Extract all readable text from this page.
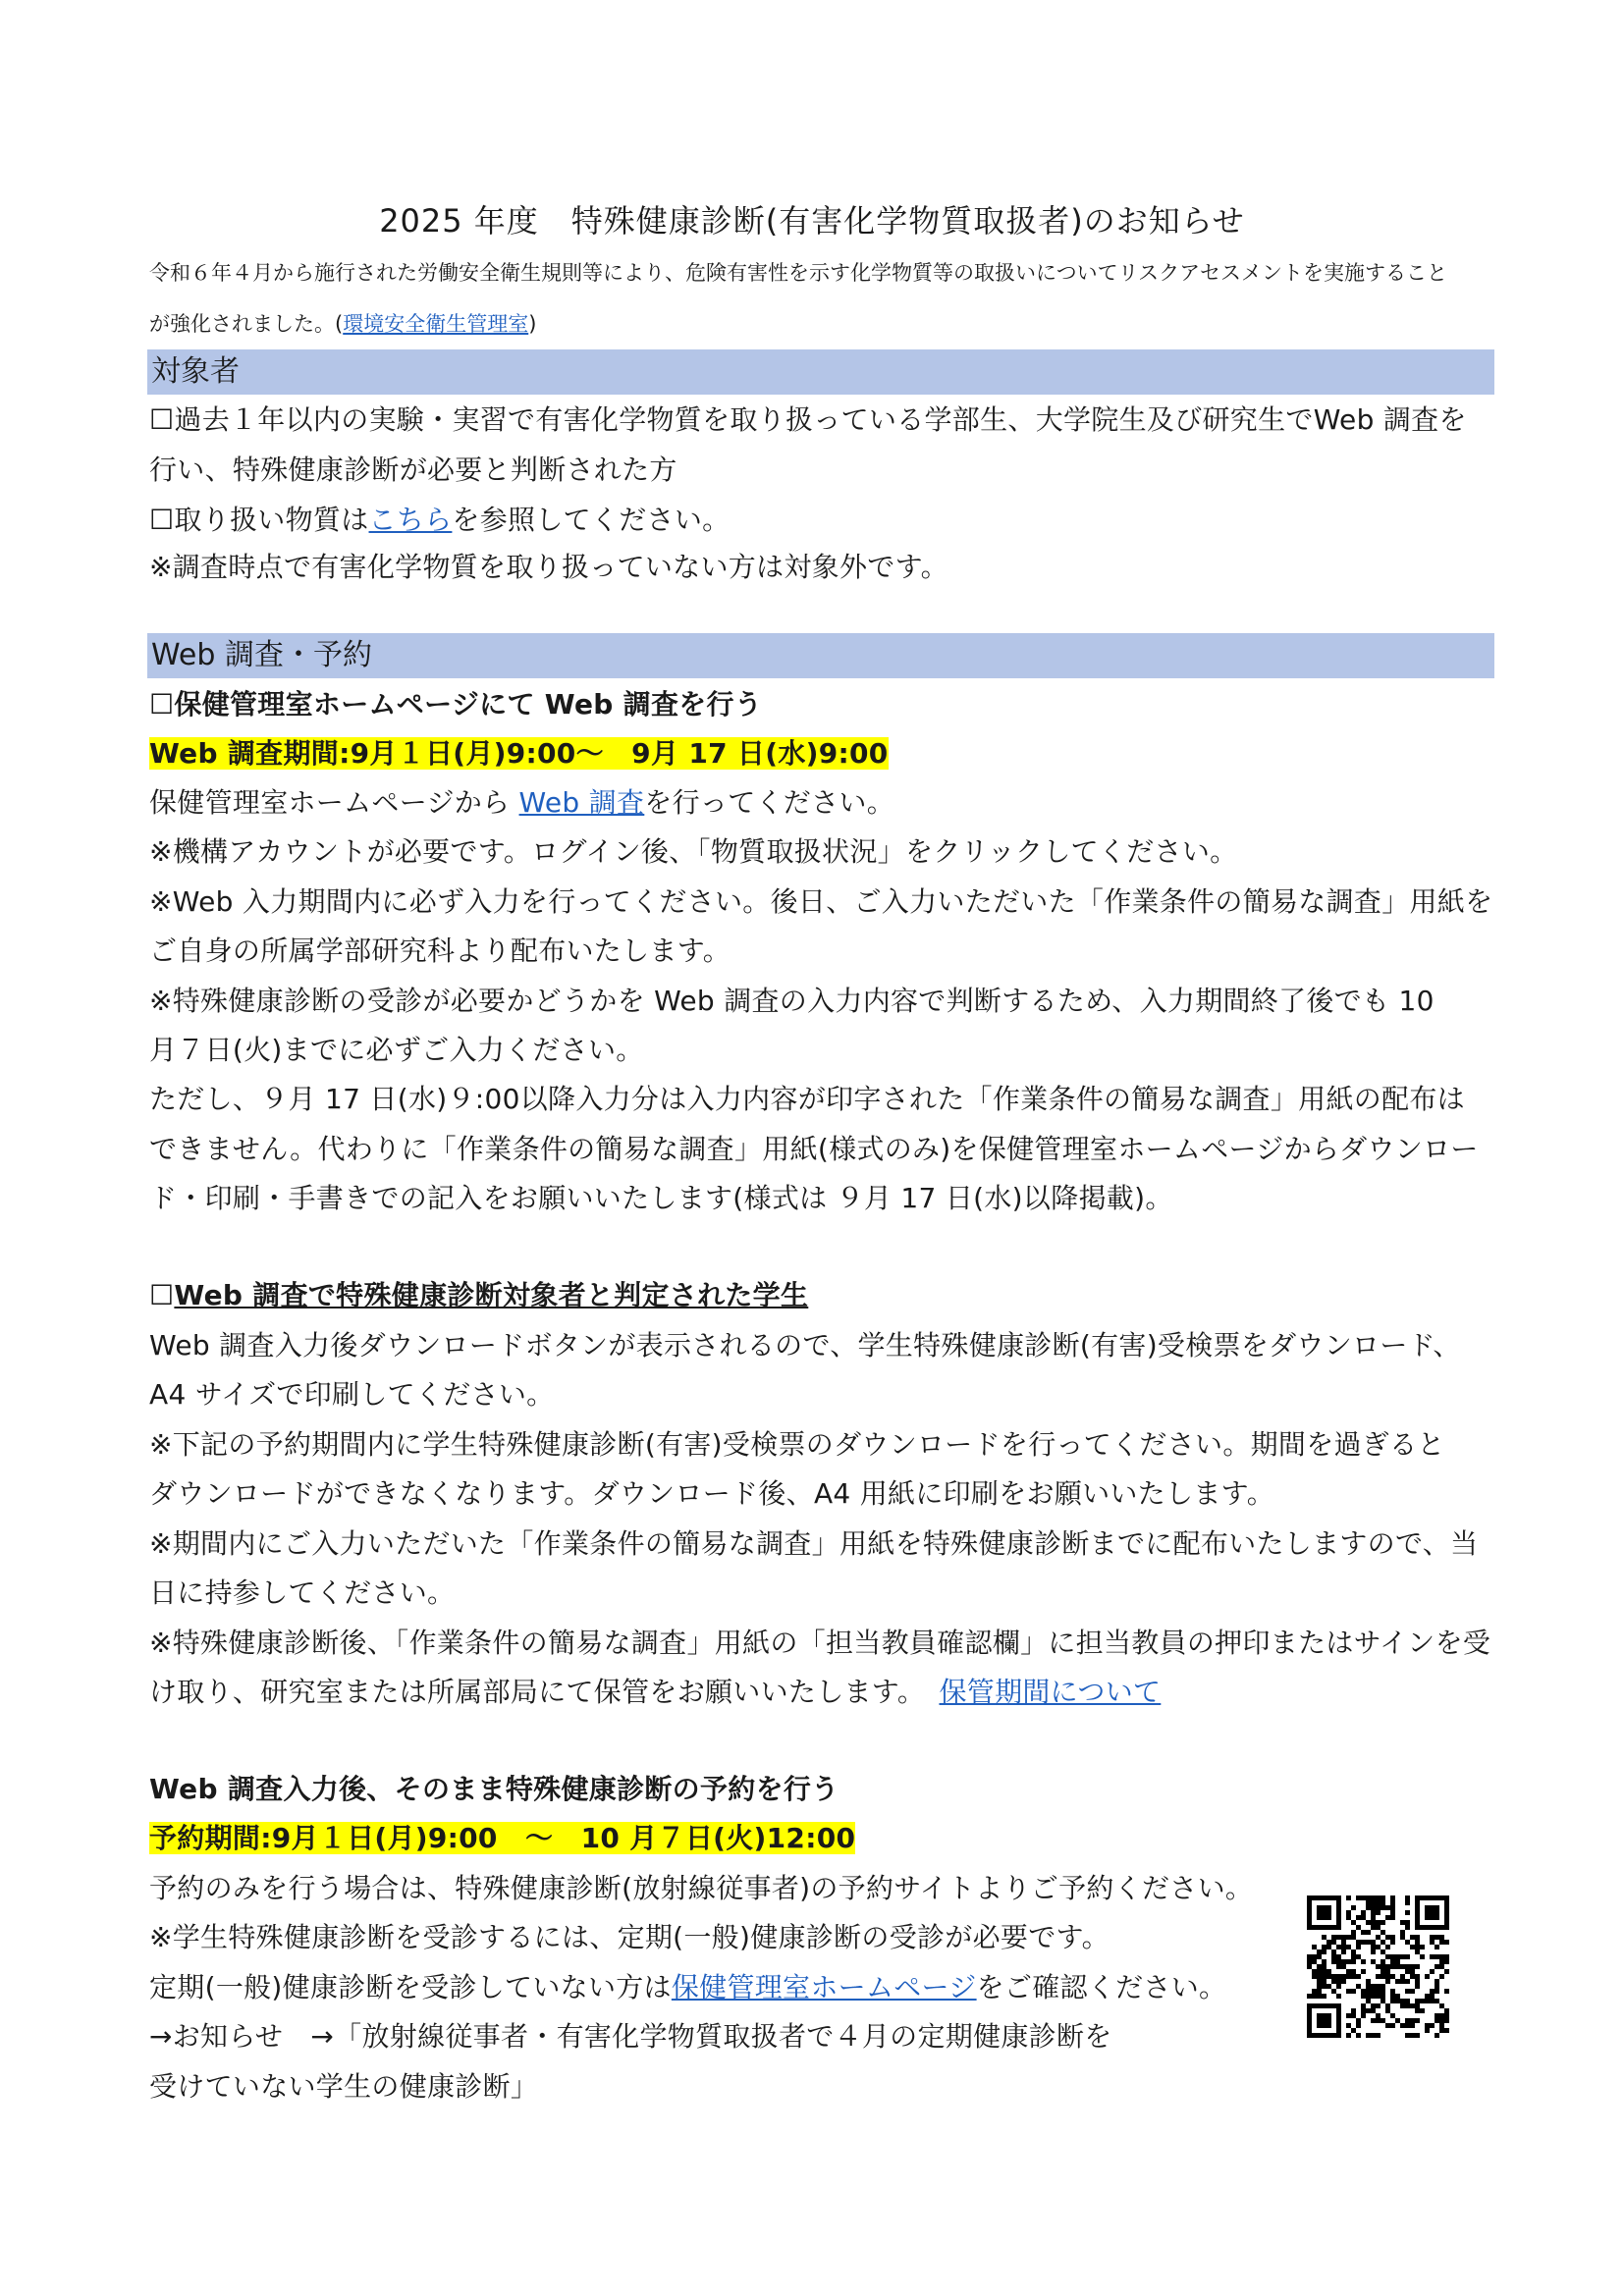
2025 年度　特殊健康診断(有害化学物質取扱者)のお知らせ
令和６年４月から施行された労働安全衛生規則等により、危険有害性を示す化学物質等の取扱いについてリスクアセスメントを実施すること
が強化されました。(環境安全衛生管理室)
対象者
☐過去１年以内の実験・実習で有害化学物質を取り扱っている学部生、大学院生及び研究生でWeb 調査を
行い、特殊健康診断が必要と判断された方
☐取り扱い物質はこちらを参照してください。
※調査時点で有害化学物質を取り扱っていない方は対象外です。
Web 調査・予約
☐保健管理室ホームページにて Web 調査を行う
Web 調査期間:9月１日(月)9:00～　9月 17 日(水)9:00
保健管理室ホームページから Web 調査を行ってください。
※機構アカウントが必要です。ログイン後、「物質取扱状況」をクリックしてください。
※Web 入力期間内に必ず入力を行ってください。後日、ご入力いただいた「作業条件の簡易な調査」用紙を
ご自身の所属学部研究科より配布いたします。
※特殊健康診断の受診が必要かどうかを Web 調査の入力内容で判断するため、入力期間終了後でも 10
月７日(火)までに必ずご入力ください。
ただし、９月 17 日(水)９:00以降入力分は入力内容が印字された「作業条件の簡易な調査」用紙の配布は
できません。代わりに「作業条件の簡易な調査」用紙(様式のみ)を保健管理室ホームページからダウンロー
ド・印刷・手書きでの記入をお願いいたします(様式は ９月 17 日(水)以降掲載)。
☐Web 調査で特殊健康診断対象者と判定された学生
Web 調査入力後ダウンロードボタンが表示されるので、学生特殊健康診断(有害)受検票をダウンロード、
A4 サイズで印刷してください。
※下記の予約期間内に学生特殊健康診断(有害)受検票のダウンロードを行ってください。期間を過ぎると
ダウンロードができなくなります。ダウンロード後、A4 用紙に印刷をお願いいたします。
※期間内にご入力いただいた「作業条件の簡易な調査」用紙を特殊健康診断までに配布いたしますので、当
日に持参してください。
※特殊健康診断後、「作業条件の簡易な調査」用紙の「担当教員確認欄」に担当教員の押印またはサインを受
け取り、研究室または所属部局にて保管をお願いいたします。　保管期間について
Web 調査入力後、そのまま特殊健康診断の予約を行う
予約期間:9月１日(月)9:00　～　10 月７日(火)12:00
予約のみを行う場合は、特殊健康診断(放射線従事者)の予約サイトよりご予約ください。
※学生特殊健康診断を受診するには、定期(一般)健康診断の受診が必要です。
定期(一般)健康診断を受診していない方は保健管理室ホームページをご確認ください。
→お知らせ　→「放射線従事者・有害化学物質取扱者で４月の定期健康診断を
受けていない学生の健康診断」
